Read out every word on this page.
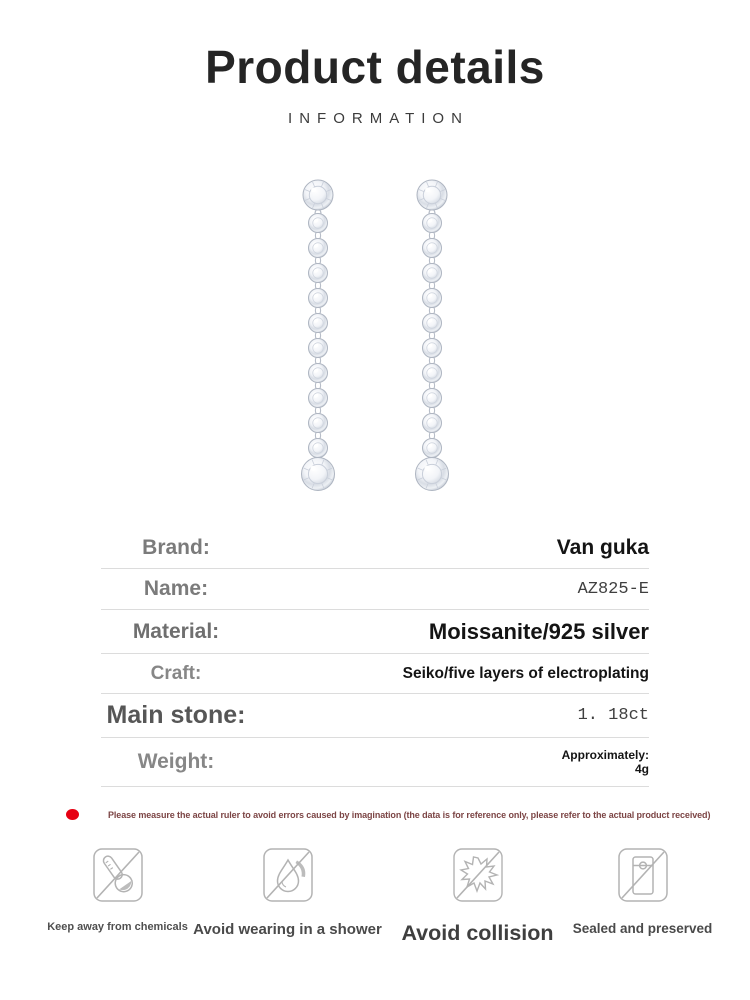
Product details
INFORMATION
Brand:	Van guka
Name:	AZ825-E
Material:	Moissanite/925 silver
Craft:	Seiko/five layers of electroplating
Main stone:	1. 18ct
Weight:	Approximately:
4g
Please measure the actual ruler to avoid errors caused by imagination (the data is for reference only, please refer to the actual product received)
Keep away from chemicals Avoid wearing in a shower Avoid collision Sealed and preserved
